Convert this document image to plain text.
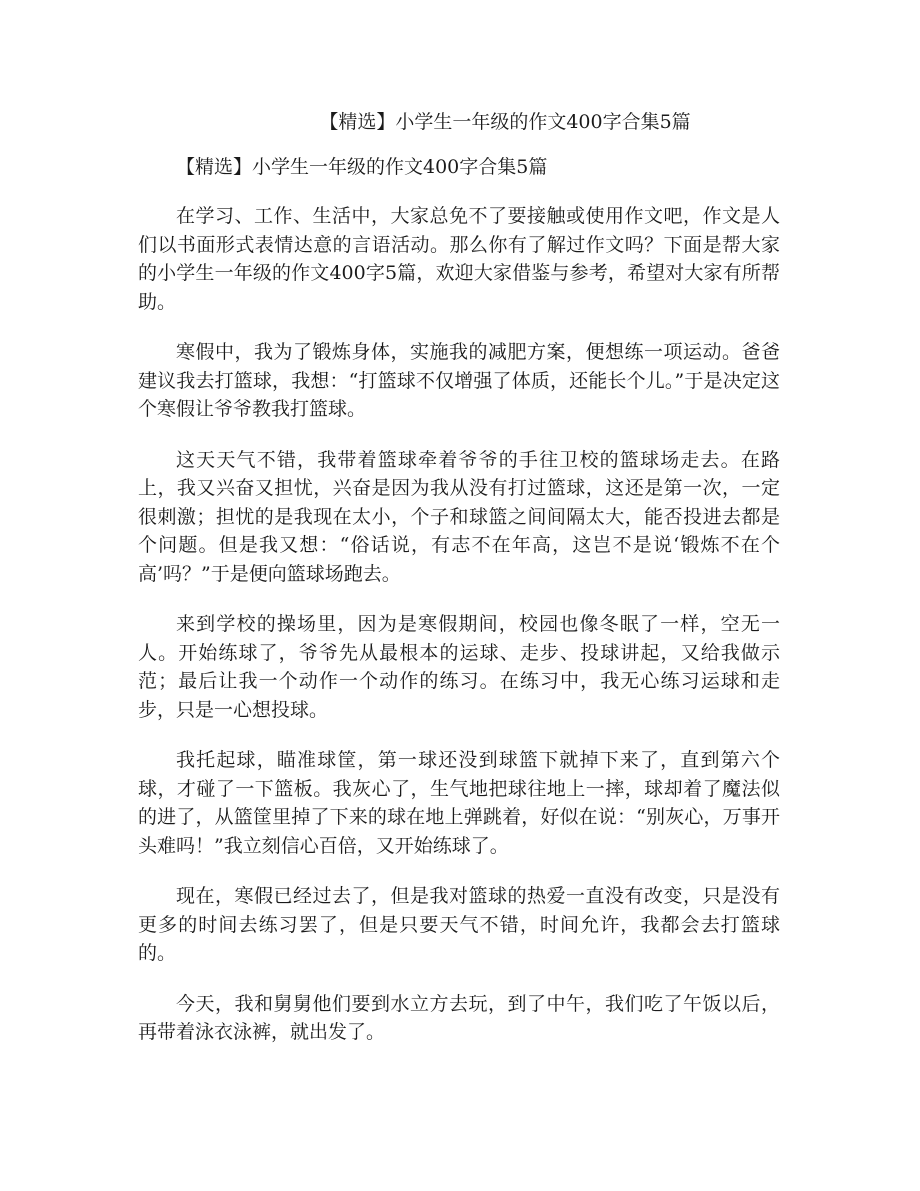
【精选】小学生一年级的作文400字合集5篇

【精选】小学生一年级的作文400字合集5篇

在学习、工作、生活中，大家总免不了要接触或使用作文吧，作文是人们以书面形式表情达意的言语活动。那么你有了解过作文吗？下面是帮大家的小学生一年级的作文400字5篇，欢迎大家借鉴与参考，希望对大家有所帮助。

寒假中，我为了锻炼身体，实施我的减肥方案，便想练一项运动。爸爸建议我去打篮球，我想：“打篮球不仅增强了体质，还能长个儿。”于是决定这个寒假让爷爷教我打篮球。

这天天气不错，我带着篮球牵着爷爷的手往卫校的篮球场走去。在路上，我又兴奋又担忧，兴奋是因为我从没有打过篮球，这还是第一次，一定很刺激；担忧的是我现在太小，个子和球篮之间间隔太大，能否投进去都是个问题。但是我又想：“俗话说，有志不在年高，这岂不是说‘锻炼不在个高’吗？”于是便向篮球场跑去。

来到学校的操场里，因为是寒假期间，校园也像冬眠了一样，空无一人。开始练球了，爷爷先从最根本的运球、走步、投球讲起，又给我做示范；最后让我一个动作一个动作的练习。在练习中，我无心练习运球和走步，只是一心想投球。

我托起球，瞄准球筐，第一球还没到球篮下就掉下来了，直到第六个球，才碰了一下篮板。我灰心了，生气地把球往地上一摔，球却着了魔法似的进了，从篮筐里掉了下来的球在地上弹跳着，好似在说：“别灰心，万事开头难吗！”我立刻信心百倍，又开始练球了。

现在，寒假已经过去了，但是我对篮球的热爱一直没有改变，只是没有更多的时间去练习罢了，但是只要天气不错，时间允许，我都会去打篮球的。

今天，我和舅舅他们要到水立方去玩，到了中午，我们吃了午饭以后，再带着泳衣泳裤，就出发了。
